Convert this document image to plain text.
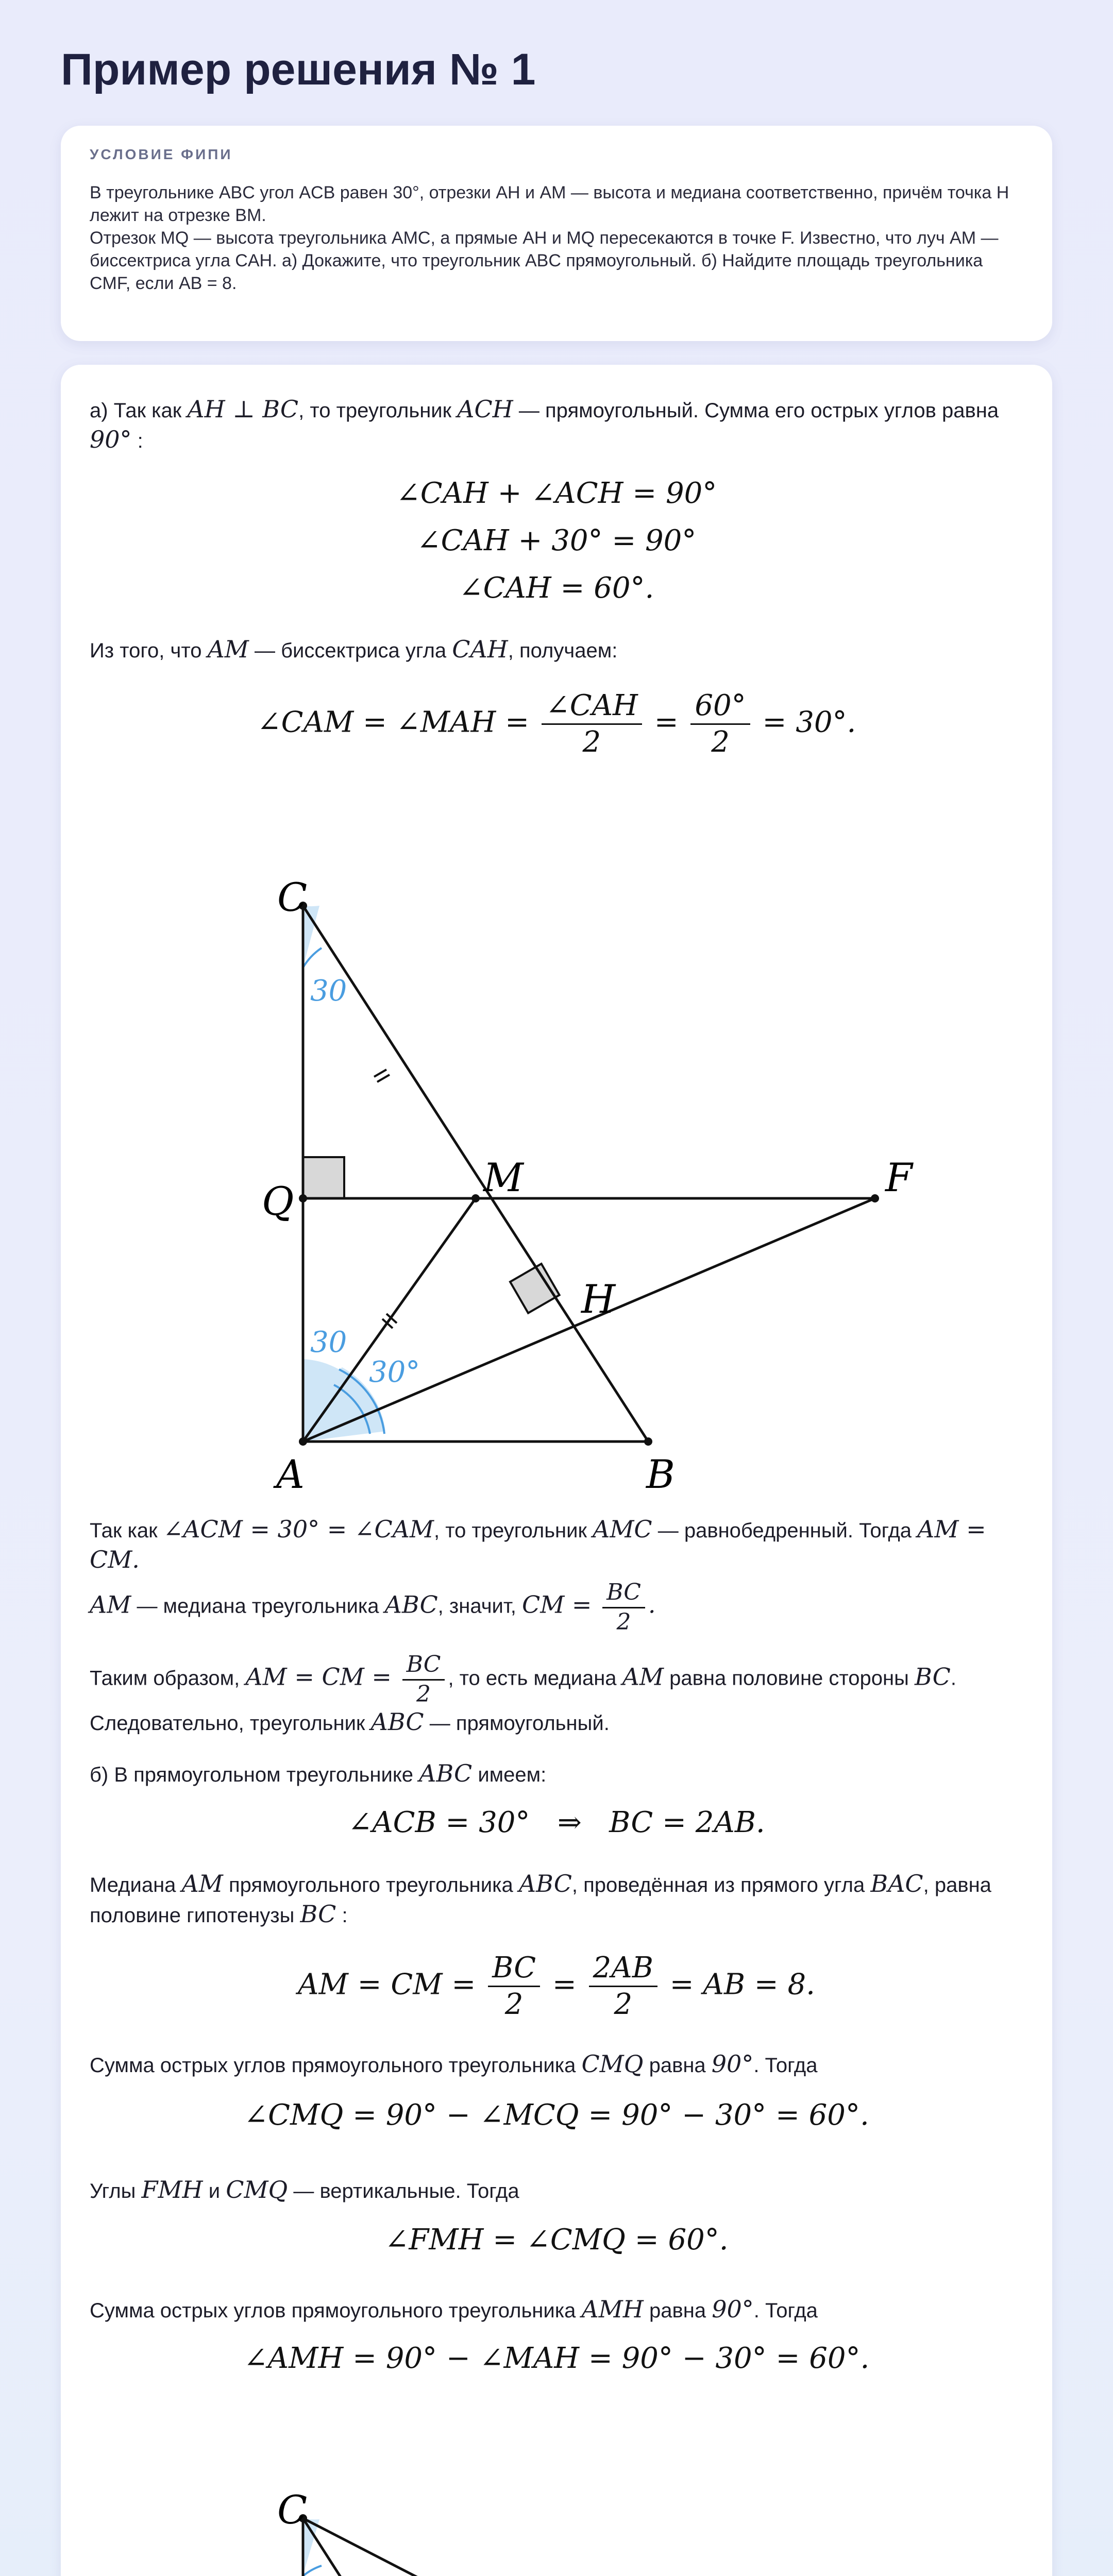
Пример решения № 1
УСЛОВИЕ ФИПИ

В треугольнике ABC угол ACB равен 30°, отрезки AH и AM — высота и медиана соответственно, причём точка H лежит на отрезке BM.

Отрезок MQ — высота треугольника AMC, а прямые AH и MQ пересекаются в точке F. Известно, что луч AM — биссектриса угла CAH. а) Докажите, что треугольник ABC прямоугольный. б) Найдите площадь треугольника CMF, если AB = 8.

а) Так как AH ⊥ BC, то треугольник ACH — прямоугольный. Сумма его острых углов равна 90° :

∠CAH + ∠ACH = 90°
∠CAH + 30° = 90°
∠CAH = 60°.

Из того, что AM — биссектриса угла CAH, получаем:

∠CAM = ∠MAH = $\frac{\text{∠CAH}}{2} = \frac{60^\circ}{2} = 30^\circ$.
C
Q
M	F
H
A	B
30
30
30°

Так как ∠ACM = 30° = ∠CAM, то треугольник AMC — равнобедренный. Тогда AM = CM.

AM — медиана треугольника ABC, значит, CM = $\frac{BC}{2}$ .

Таким образом, AM = CM = $\frac{BC}{2}$ , то есть медиана AM равна половине стороны BC. Следовательно, треугольник ABC — прямоугольный.

б) В прямоугольном треугольнике ABC имеем:

∠ACB = 30°   ⇒   BC = 2AB.

Медиана AM прямоугольного треугольника ABC, проведённая из прямого угла BAC, равна половине гипотенузы BC :

AM = CM = $\frac{BC}{2} = \frac{2AB}{2}$ = AB = 8.

Сумма острых углов прямоугольного треугольника CMQ равна 90°. Тогда

∠CMQ = 90° − ∠MCQ = 90° − 30° = 60°.

Углы FMH и CMQ — вертикальные. Тогда

∠FMH = ∠CMQ = 60°.

Сумма острых углов прямоугольного треугольника AMH равна 90°. Тогда

∠AMH = 90° − ∠MAH = 90° − 30° = 60°.
C
